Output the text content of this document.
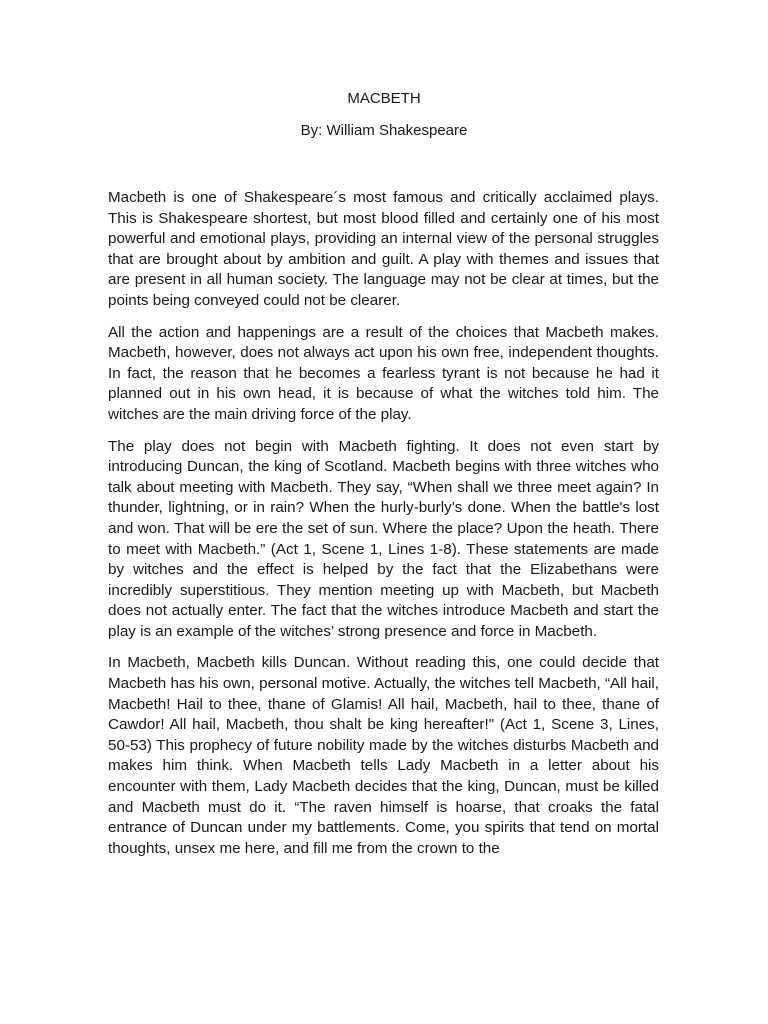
MACBETH
By: William Shakespeare

Macbeth is one of Shakespeare´s most famous and critically acclaimed plays. This is Shakespeare shortest, but most blood filled and certainly one of his most powerful and emotional plays, providing an internal view of the personal struggles that are brought about by ambition and guilt. A play with themes and issues that are present in all human society. The language may not be clear at times, but the points being conveyed could not be clearer.

All the action and happenings are a result of the choices that Macbeth makes. Macbeth, however, does not always act upon his own free, independent thoughts. In fact, the reason that he becomes a fearless tyrant is not because he had it planned out in his own head, it is because of what the witches told him. The witches are the main driving force of the play.

The play does not begin with Macbeth fighting. It does not even start by introducing Duncan, the king of Scotland. Macbeth begins with three witches who talk about meeting with Macbeth. They say, “When shall we three meet again? In thunder, lightning, or in rain? When the hurly-burly’s done. When the battle's lost and won. That will be ere the set of sun. Where the place? Upon the heath. There to meet with Macbeth.” (Act 1, Scene 1, Lines 1-8). These statements are made by witches and the effect is helped by the fact that the Elizabethans were incredibly superstitious. They mention meeting up with Macbeth, but Macbeth does not actually enter. The fact that the witches introduce Macbeth and start the play is an example of the witches’ strong presence and force in Macbeth.

In Macbeth, Macbeth kills Duncan. Without reading this, one could decide that Macbeth has his own, personal motive. Actually, the witches tell Macbeth, “All hail, Macbeth! Hail to thee, thane of Glamis! All hail, Macbeth, hail to thee, thane of Cawdor! All hail, Macbeth, thou shalt be king hereafter!" (Act 1, Scene 3, Lines, 50-53) This prophecy of future nobility made by the witches disturbs Macbeth and makes him think. When Macbeth tells Lady Macbeth in a letter about his encounter with them, Lady Macbeth decides that the king, Duncan, must be killed and Macbeth must do it. “The raven himself is hoarse, that croaks the fatal entrance of Duncan under my battlements. Come, you spirits that tend on mortal thoughts, unsex me here, and fill me from the crown to the
